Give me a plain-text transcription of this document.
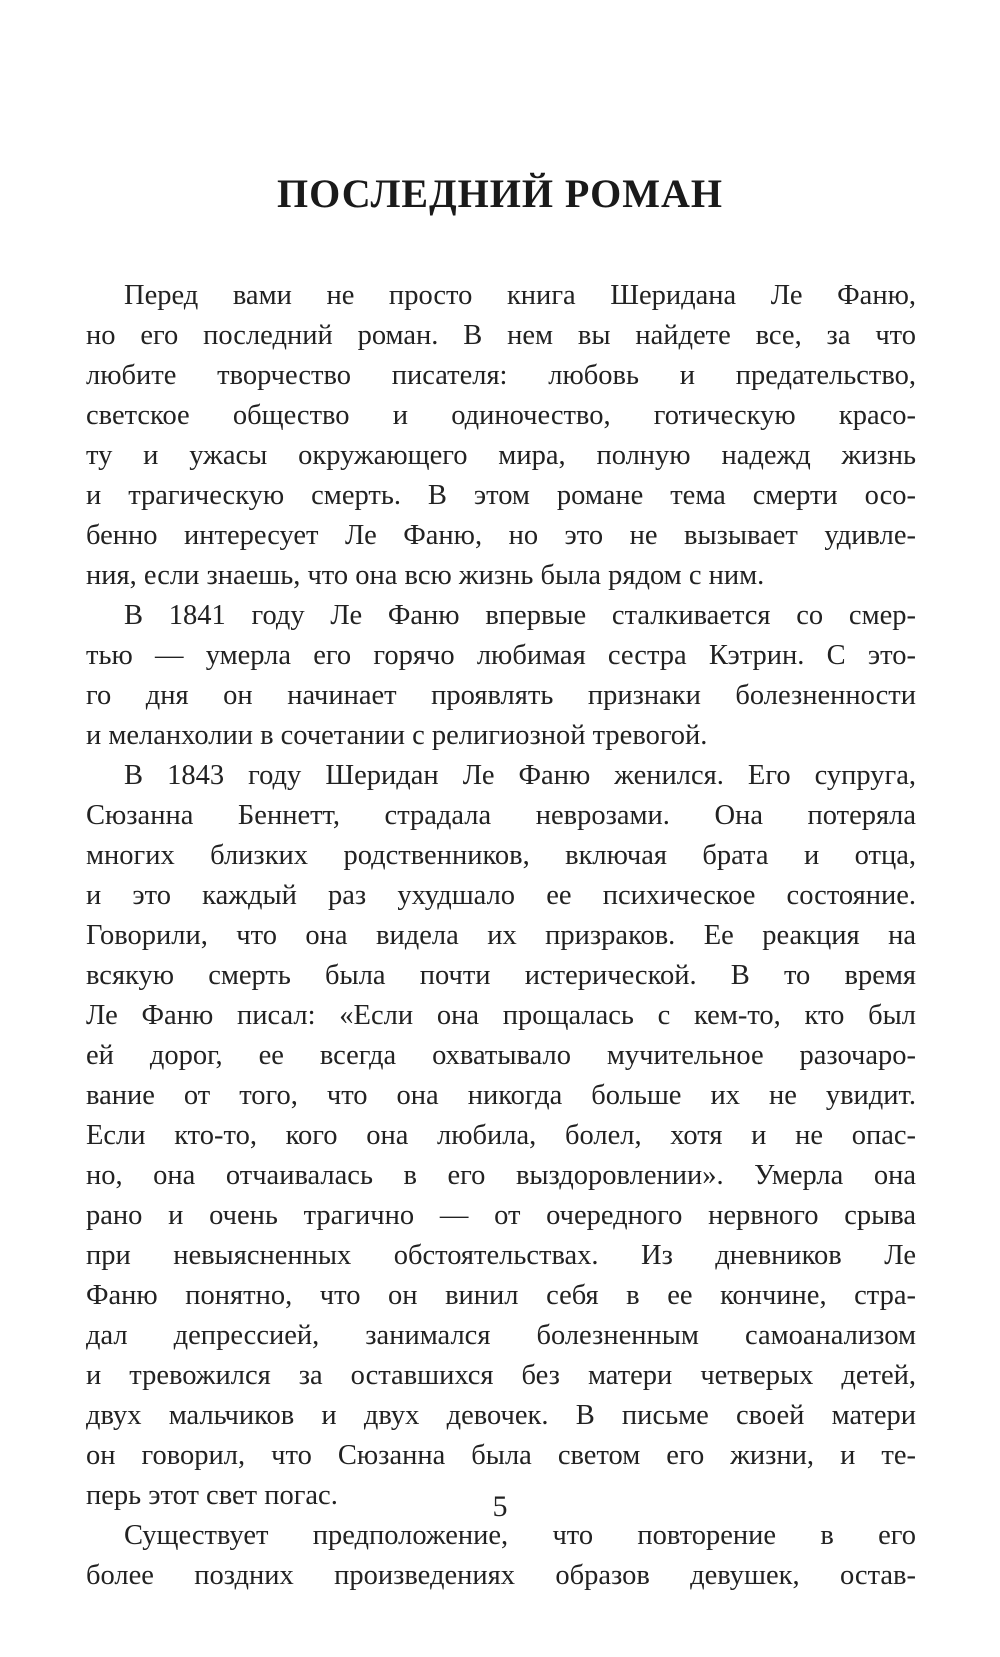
ПОСЛЕДНИЙ РОМАН
Перед вами не просто книга Шеридана Ле Фаню,
но его последний роман. В нем вы найдете все, за что
любите творчество писателя: любовь и предательство,
светское общество и одиночество, готическую красо-
ту и ужасы окружающего мира, полную надежд жизнь
и трагическую смерть. В этом романе тема смерти осо-
бенно интересует Ле Фаню, но это не вызывает удивле-
ния, если знаешь, что она всю жизнь была рядом с ним.
В 1841 году Ле Фаню впервые сталкивается со смер-
тью — умерла его горячо любимая сестра Кэтрин. С это-
го дня он начинает проявлять признаки болезненности
и меланхолии в сочетании с религиозной тревогой.
В 1843 году Шеридан Ле Фаню женился. Его супруга,
Сюзанна Беннетт, страдала неврозами. Она потеряла
многих близких родственников, включая брата и отца,
и это каждый раз ухудшало ее психическое состояние.
Говорили, что она видела их призраков. Ее реакция на
всякую смерть была почти истерической. В то время
Ле Фаню писал: «Если она прощалась с кем-то, кто был
ей дорог, ее всегда охватывало мучительное разочаро-
вание от того, что она никогда больше их не увидит.
Если кто-то, кого она любила, болел, хотя и не опас-
но, она отчаивалась в его выздоровлении». Умерла она
рано и очень трагично — от очередного нервного срыва
при невыясненных обстоятельствах. Из дневников Ле
Фаню понятно, что он винил себя в ее кончине, стра-
дал депрессией, занимался болезненным самоанализом
и тревожился за оставшихся без матери четверых детей,
двух мальчиков и двух девочек. В письме своей матери
он говорил, что Сюзанна была светом его жизни, и те-
перь этот свет погас.
Существует предположение, что повторение в его
более поздних произведениях образов девушек, остав-

5
